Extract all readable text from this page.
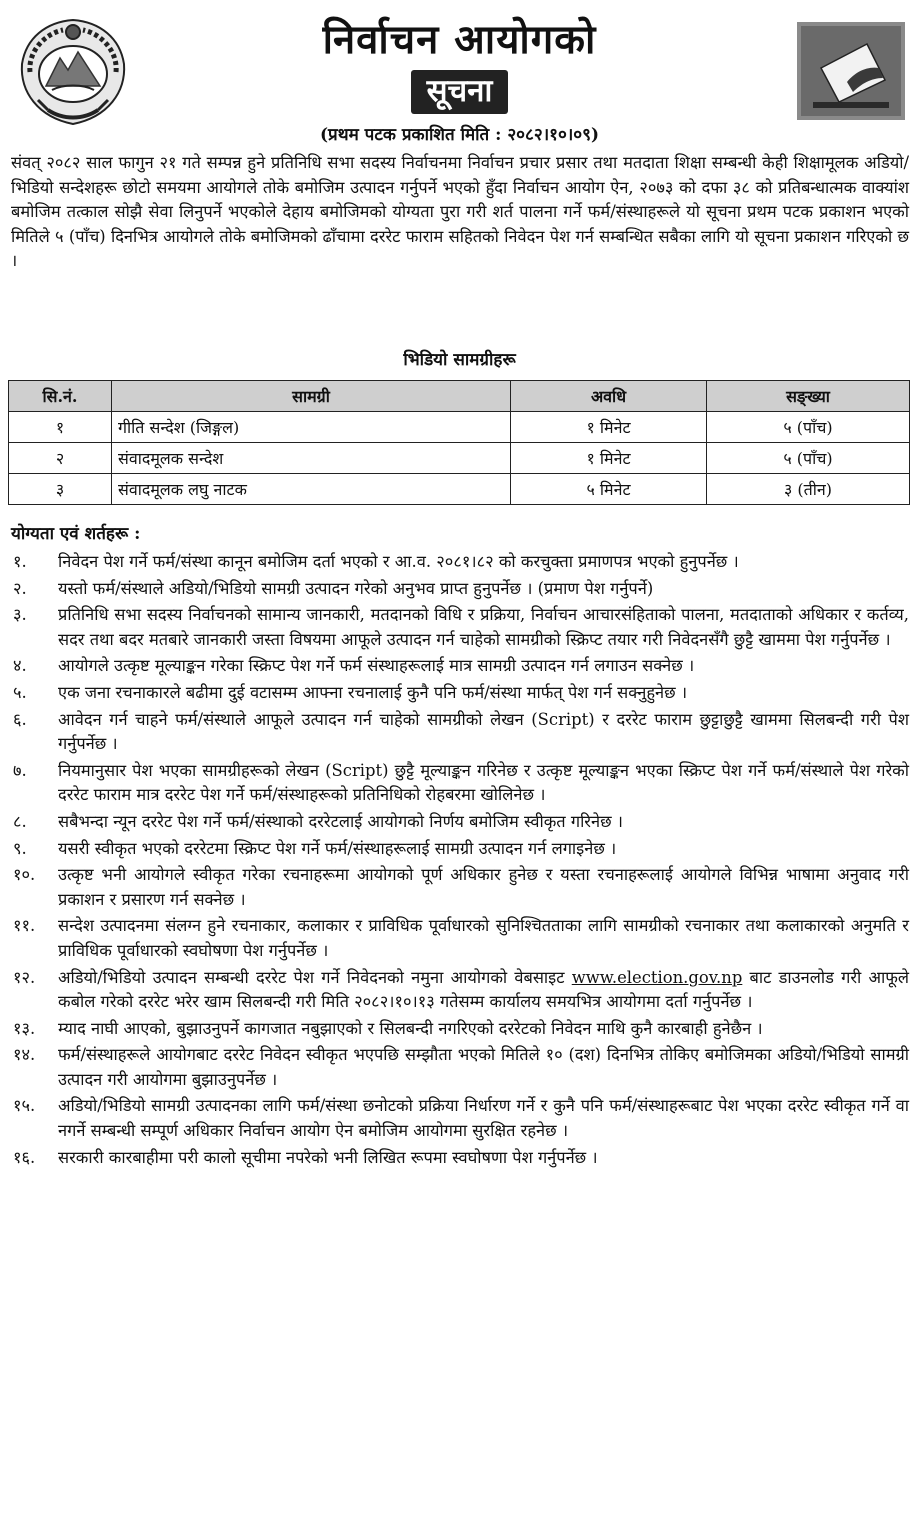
निर्वाचन आयोगको
सूचना
(प्रथम पटक प्रकाशित मिति : २०८२।१०।०९)

संवत् २०८२ साल फागुन २१ गते सम्पन्न हुने प्रतिनिधि सभा सदस्य निर्वाचनमा निर्वाचन प्रचार प्रसार तथा मतदाता शिक्षा सम्बन्धी केही शिक्षामूलक अडियो/भिडियो सन्देशहरू छोटो समयमा आयोगले तोके बमोजिम उत्पादन गर्नुपर्ने भएको हुँदा निर्वाचन आयोग ऐन, २०७३ को दफा ३८ को प्रतिबन्धात्मक वाक्यांश बमोजिम तत्काल सोझै सेवा लिनुपर्ने भएकोले देहाय बमोजिमको योग्यता पुरा गरी शर्त पालना गर्ने फर्म/संस्थाहरूले यो सूचना प्रथम पटक प्रकाशन भएको मितिले ५ (पाँच) दिनभित्र आयोगले तोके बमोजिमको ढाँचामा दररेट फाराम सहितको निवेदन पेश गर्न सम्बन्धित सबैका लागि यो सूचना प्रकाशन गरिएको छ ।

भिडियो सामग्रीहरू
सि.नं.	सामग्री	अवधि	सङ्ख्या
१	गीति सन्देश (जिङ्गल)	१ मिनेट	५ (पाँच)
२	संवादमूलक सन्देश	१ मिनेट	५ (पाँच)
३	संवादमूलक लघु नाटक	५ मिनेट	३ (तीन)
योग्यता एवं शर्तहरू :
१. निवेदन पेश गर्ने फर्म/संस्था कानून बमोजिम दर्ता भएको र आ.व. २०८१।८२ को करचुक्ता प्रमाणपत्र भएको हुनुपर्नेछ ।
२. यस्तो फर्म/संस्थाले अडियो/भिडियो सामग्री उत्पादन गरेको अनुभव प्राप्त हुनुपर्नेछ । (प्रमाण पेश गर्नुपर्ने)
३. प्रतिनिधि सभा सदस्य निर्वाचनको सामान्य जानकारी, मतदानको विधि र प्रक्रिया, निर्वाचन आचारसंहिताको पालना, मतदाताको अधिकार र कर्तव्य, सदर तथा बदर मतबारे जानकारी जस्ता विषयमा आफूले उत्पादन गर्न चाहेको सामग्रीको स्क्रिप्ट तयार गरी निवेदनसँगै छुट्टै खाममा पेश गर्नुपर्नेछ ।
४. आयोगले उत्कृष्ट मूल्याङ्कन गरेका स्क्रिप्ट पेश गर्ने फर्म संस्थाहरूलाई मात्र सामग्री उत्पादन गर्न लगाउन सक्नेछ ।
५. एक जना रचनाकारले बढीमा दुई वटासम्म आफ्ना रचनालाई कुनै पनि फर्म/संस्था मार्फत् पेश गर्न सक्नुहुनेछ ।
६. आवेदन गर्न चाहने फर्म/संस्थाले आफूले उत्पादन गर्न चाहेको सामग्रीको लेखन (Script) र दररेट फाराम छुट्टाछुट्टै खाममा सिलबन्दी गरी पेश गर्नुपर्नेछ ।
७. नियमानुसार पेश भएका सामग्रीहरूको लेखन (Script) छुट्टै मूल्याङ्कन गरिनेछ र उत्कृष्ट मूल्याङ्कन भएका स्क्रिप्ट पेश गर्ने फर्म/संस्थाले पेश गरेको दररेट फाराम मात्र दररेट पेश गर्ने फर्म/संस्थाहरूको प्रतिनिधिको रोहबरमा खोलिनेछ ।
८. सबैभन्दा न्यून दररेट पेश गर्ने फर्म/संस्थाको दररेटलाई आयोगको निर्णय बमोजिम स्वीकृत गरिनेछ ।
९. यसरी स्वीकृत भएको दररेटमा स्क्रिप्ट पेश गर्ने फर्म/संस्थाहरूलाई सामग्री उत्पादन गर्न लगाइनेछ ।
१०. उत्कृष्ट भनी आयोगले स्वीकृत गरेका रचनाहरूमा आयोगको पूर्ण अधिकार हुनेछ र यस्ता रचनाहरूलाई आयोगले विभिन्न भाषामा अनुवाद गरी प्रकाशन र प्रसारण गर्न सक्नेछ ।
११. सन्देश उत्पादनमा संलग्न हुने रचनाकार, कलाकार र प्राविधिक पूर्वाधारको सुनिश्चितताका लागि सामग्रीको रचनाकार तथा कलाकारको अनुमति र प्राविधिक पूर्वाधारको स्वघोषणा पेश गर्नुपर्नेछ ।
१२. अडियो/भिडियो उत्पादन सम्बन्धी दररेट पेश गर्ने निवेदनको नमुना आयोगको वेबसाइट www.election.gov.np बाट डाउनलोड गरी आफूले कबोल गरेको दररेट भरेर खाम सिलबन्दी गरी मिति २०८२।१०।१३ गतेसम्म कार्यालय समयभित्र आयोगमा दर्ता गर्नुपर्नेछ ।
१३. म्याद नाघी आएको, बुझाउनुपर्ने कागजात नबुझाएको र सिलबन्दी नगरिएको दररेटको निवेदन माथि कुनै कारबाही हुनेछैन ।
१४. फर्म/संस्थाहरूले आयोगबाट दररेट निवेदन स्वीकृत भएपछि सम्झौता भएको मितिले १० (दश) दिनभित्र तोकिए बमोजिमका अडियो/भिडियो सामग्री उत्पादन गरी आयोगमा बुझाउनुपर्नेछ ।
१५. अडियो/भिडियो सामग्री उत्पादनका लागि फर्म/संस्था छनोटको प्रक्रिया निर्धारण गर्ने र कुनै पनि फर्म/संस्थाहरूबाट पेश भएका दररेट स्वीकृत गर्ने वा नगर्ने सम्बन्धी सम्पूर्ण अधिकार निर्वाचन आयोग ऐन बमोजिम आयोगमा सुरक्षित रहनेछ ।
१६. सरकारी कारबाहीमा परी कालो सूचीमा नपरेको भनी लिखित रूपमा स्वघोषणा पेश गर्नुपर्नेछ ।
